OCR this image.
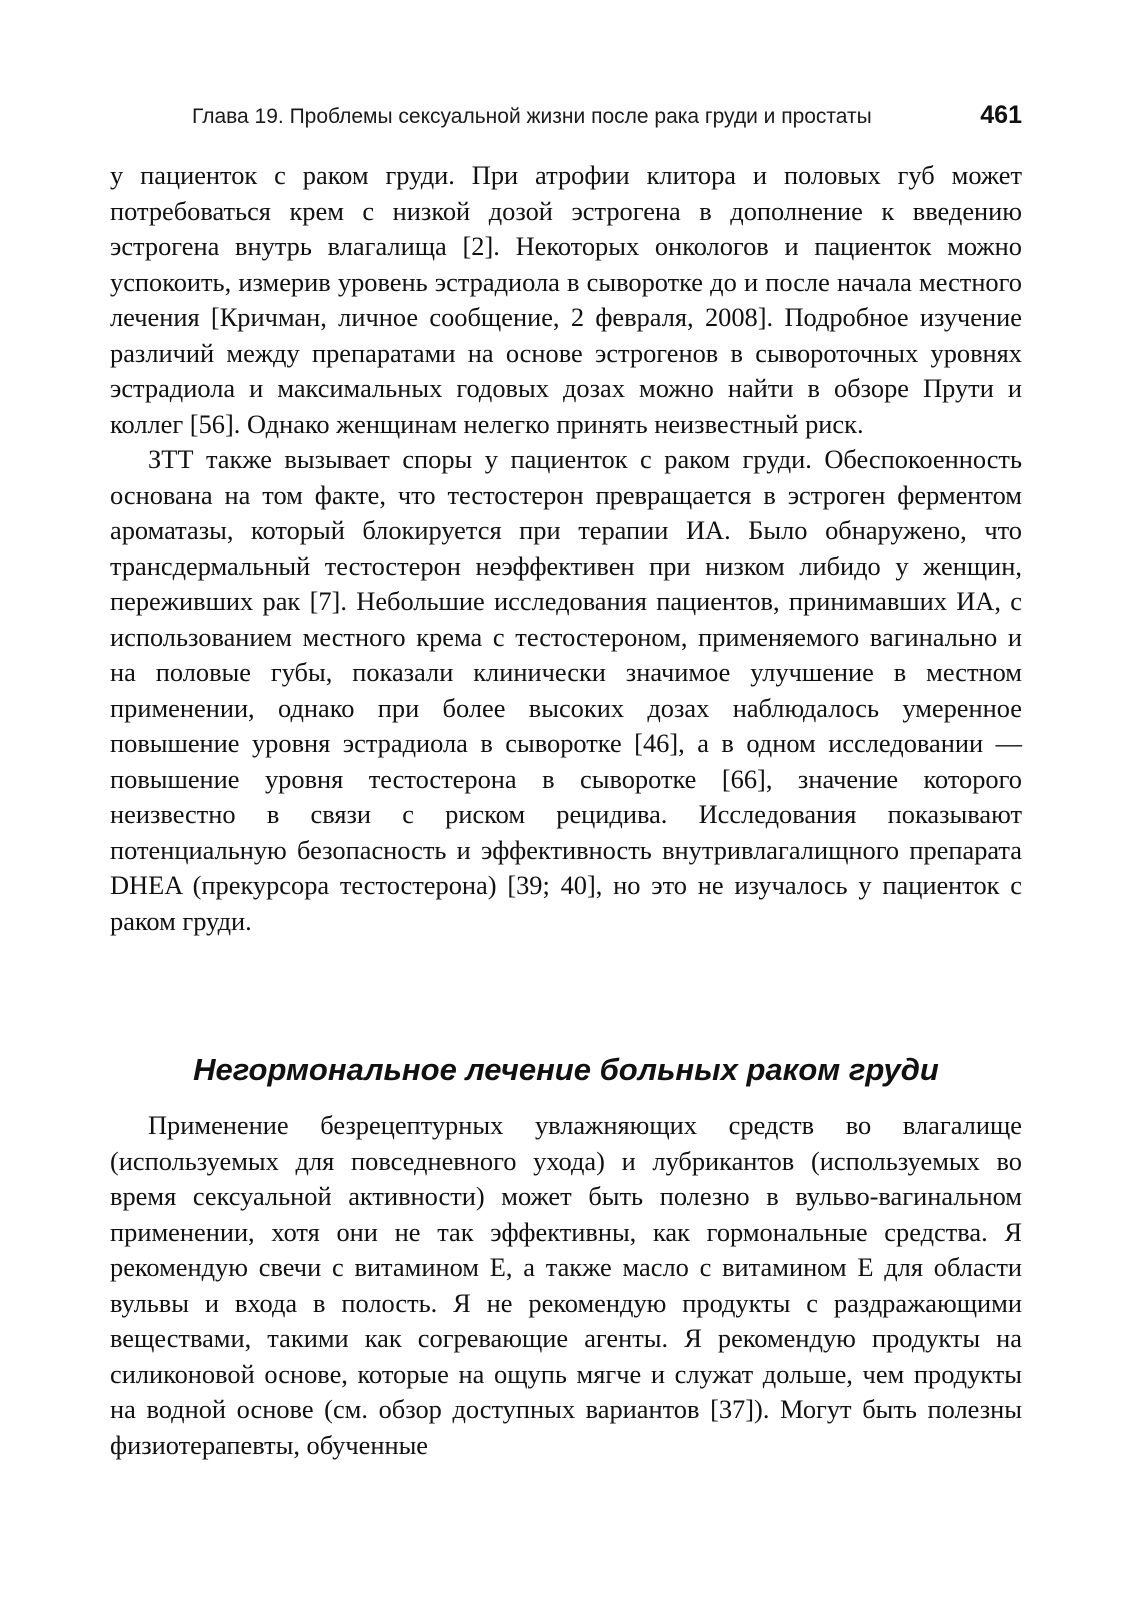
Глава 19. Проблемы сексуальной жизни после рака груди и простаты	461

у пациенток с раком груди. При атрофии клитора и половых губ может потребоваться крем с низкой дозой эстрогена в дополнение к введению эстрогена внутрь влагалища [2]. Некоторых онкологов и пациенток можно успокоить, измерив уровень эстрадиола в сыворотке до и после начала местного лечения [Кричман, личное сообщение, 2 февраля, 2008]. Подробное изучение различий между препаратами на основе эстрогенов в сывороточных уровнях эстрадиола и максимальных годовых дозах можно найти в обзоре Прути и коллег [56]. Однако женщинам нелегко принять неизвестный риск.

ЗТТ также вызывает споры у пациенток с раком груди. Обеспокоенность основана на том факте, что тестостерон превращается в эстроген ферментом ароматазы, который блокируется при терапии ИА. Было обнаружено, что трансдермальный тестостерон неэффективен при низком либидо у женщин, переживших рак [7]. Небольшие исследования пациентов, принимавших ИА, с использованием местного крема с тестостероном, применяемого вагинально и на половые губы, показали клинически значимое улучшение в местном применении, однако при более высоких дозах наблюдалось умеренное повышение уровня эстрадиола в сыворотке [46], а в одном исследовании — повышение уровня тестостерона в сыворотке [66], значение которого неизвестно в связи с риском рецидива. Исследования показывают потенциальную безопасность и эффективность внутривлагалищного препарата DHEA (прекурсора тестостерона) [39; 40], но это не изучалось у пациенток с раком груди.

Негормональное лечение больных раком груди

Применение безрецептурных увлажняющих средств во влагалище (используемых для повседневного ухода) и лубрикантов (используемых во время сексуальной активности) может быть полезно в вульво-вагинальном применении, хотя они не так эффективны, как гормональные средства. Я рекомендую свечи с витамином Е, а также масло с витамином Е для области вульвы и входа в полость. Я не рекомендую продукты с раздражающими веществами, такими как согревающие агенты. Я рекомендую продукты на силиконовой основе, которые на ощупь мягче и служат дольше, чем продукты на водной основе (см. обзор доступных вариантов [37]). Могут быть полезны физиотерапевты, обученные
